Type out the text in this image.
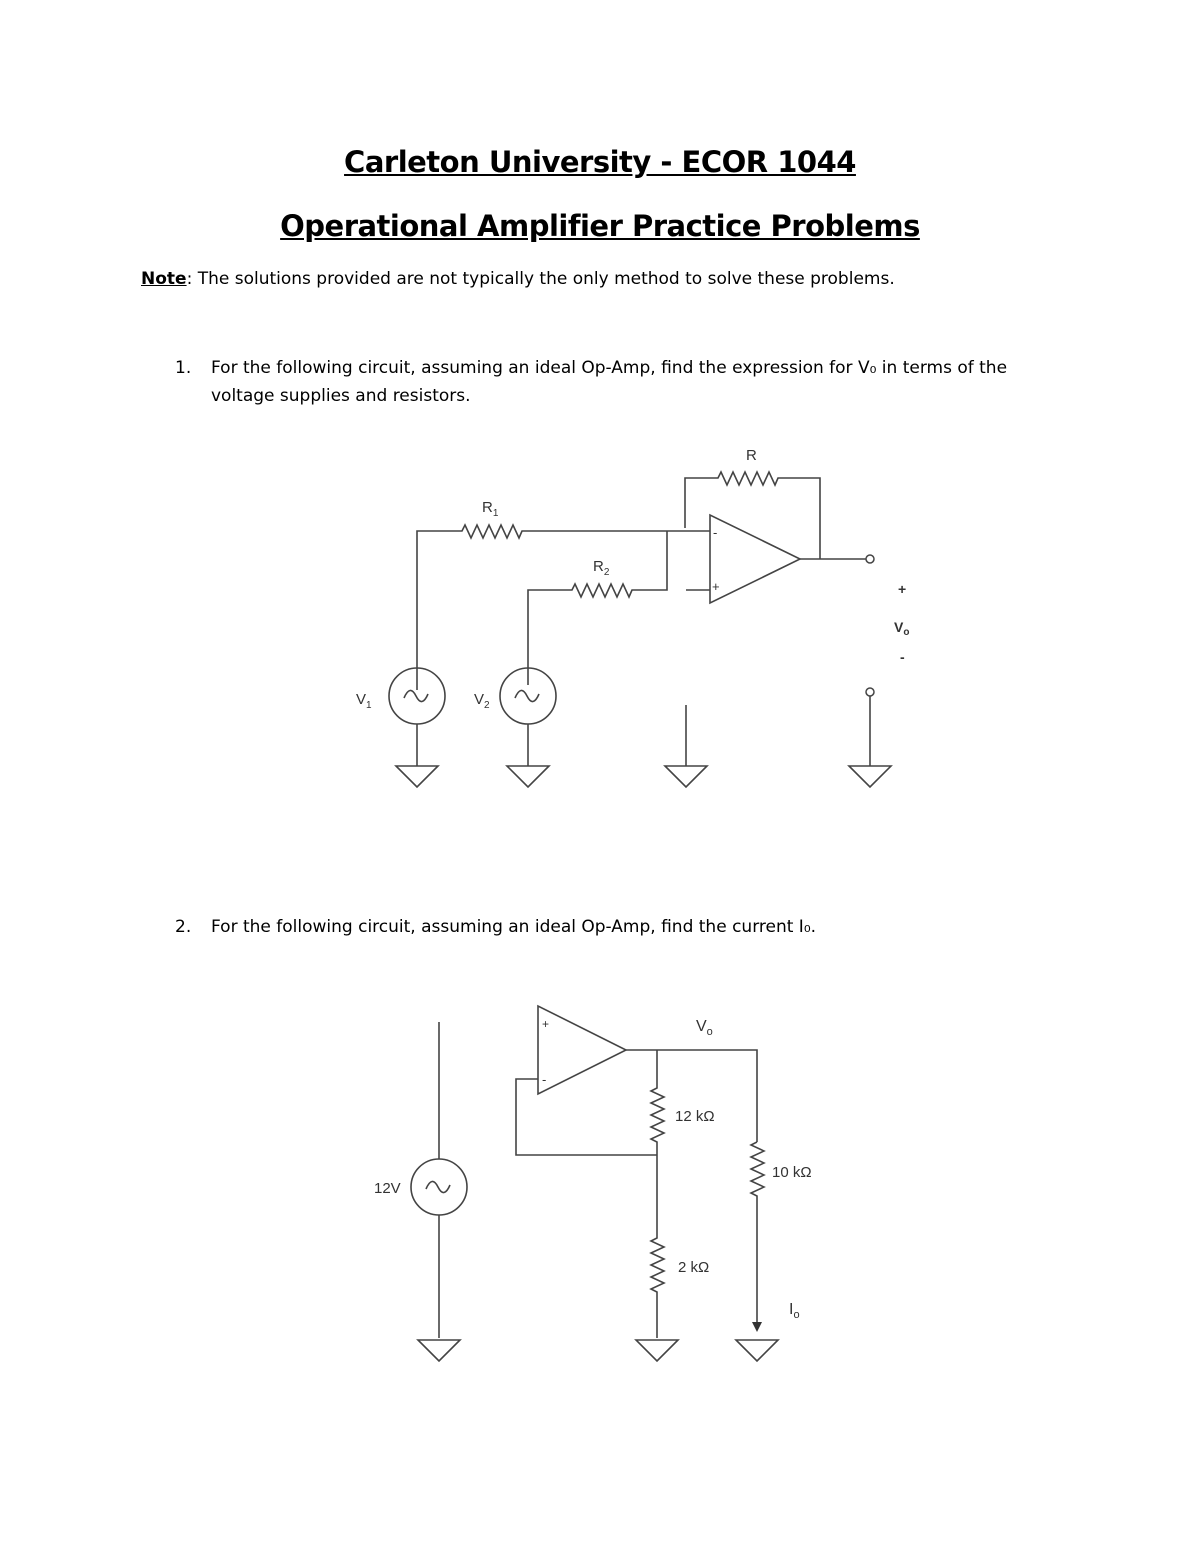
Carleton University - ECOR 1044
Operational Amplifier Practice Problems
Note: The solutions provided are not typically the only method to solve these problems.
1. For the following circuit, assuming an ideal Op-Amp, find the expression for V₀ in terms of the voltage supplies and resistors.
2. For the following circuit, assuming an ideal Op-Amp, find the current I₀.
-
+
R
$R_1$
$R_2$
$V_1$	$V_2$
+
$V_o$
-
+
-
$V_o$
12 kΩ
2 kΩ
10 kΩ
$I_o$
12V
